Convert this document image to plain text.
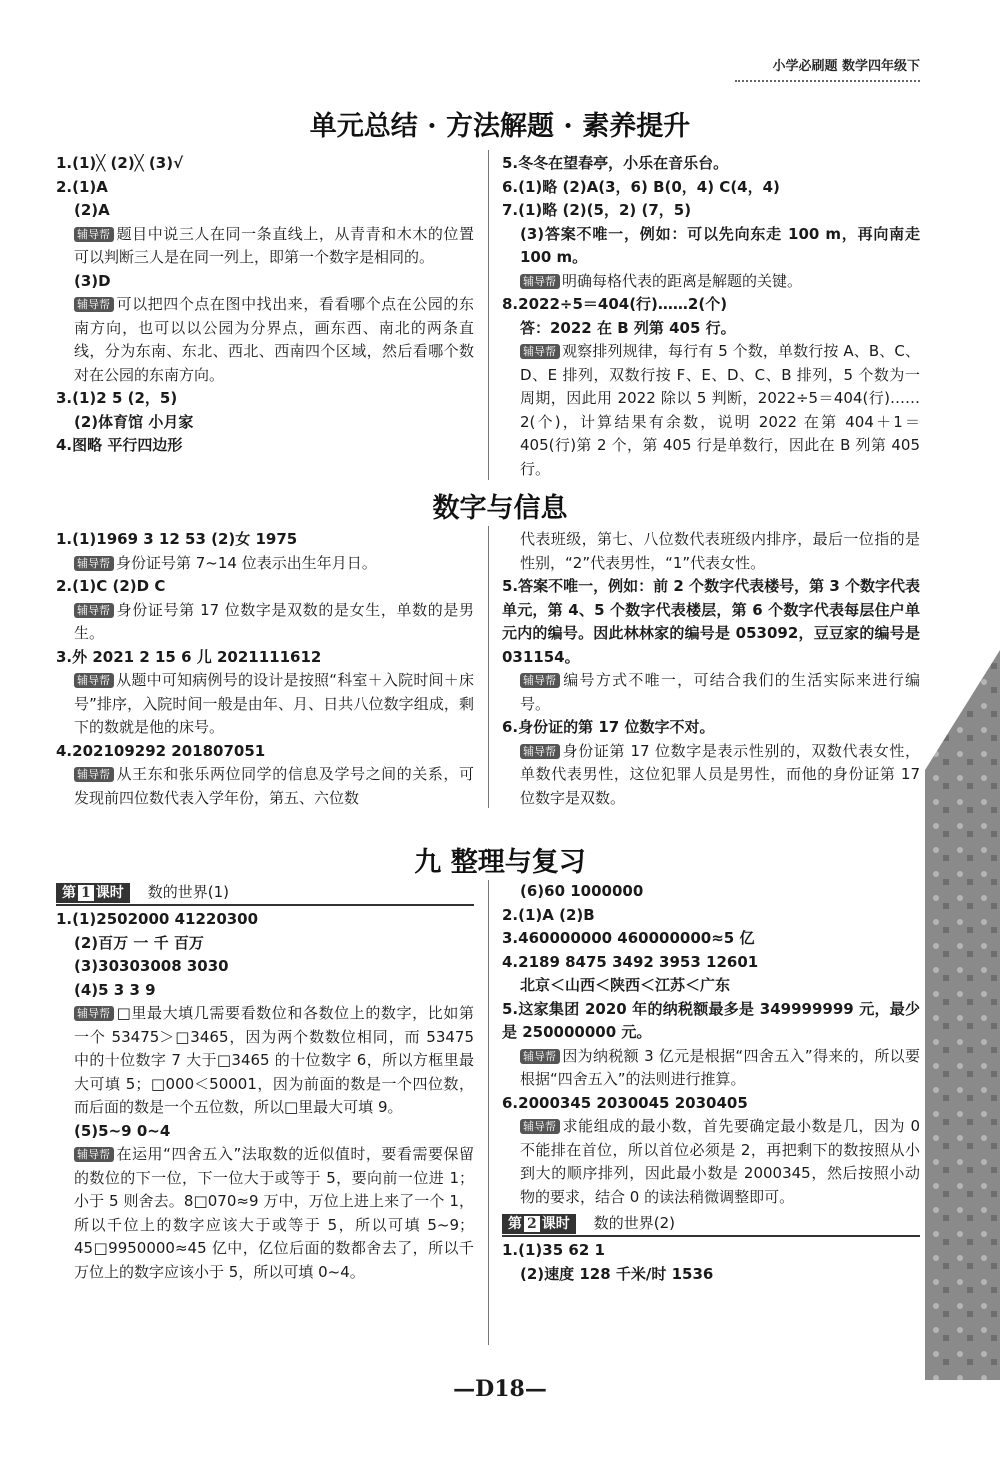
小学必刷题 数学四年级下
单元总结 · 方法解题 · 素养提升
1.(1)╳ (2)╳ (3)√
2.(1)A
(2)A
辅导帮 题目中说三人在同一条直线上，从青青和木木的位置可以判断三人是在同一列上，即第一个数字是相同的。
(3)D
辅导帮 可以把四个点在图中找出来，看看哪个点在公园的东南方向，也可以以公园为分界点，画东西、南北的两条直线，分为东南、东北、西北、西南四个区域，然后看哪个数对在公园的东南方向。
3.(1)2 5 (2，5)
(2)体育馆 小月家
4.图略 平行四边形
5.冬冬在望春亭，小乐在音乐台。
6.(1)略 (2)A(3，6) B(0，4) C(4，4)
7.(1)略 (2)(5，2) (7，5)
(3)答案不唯一，例如：可以先向东走 100 m，再向南走 100 m。
辅导帮 明确每格代表的距离是解题的关键。
8.2022÷5＝404(行)……2(个)
答：2022 在 B 列第 405 行。
辅导帮 观察排列规律，每行有 5 个数，单数行按 A、B、C、D、E 排列，双数行按 F、E、D、C、B 排列，5 个数为一周期，因此用 2022 除以 5 判断，2022÷5＝404(行)……2(个)，计算结果有余数，说明 2022 在第 404＋1＝405(行)第 2 个，第 405 行是单数行，因此在 B 列第 405 行。
数字与信息
1.(1)1969 3 12 53 (2)女 1975
辅导帮 身份证号第 7~14 位表示出生年月日。
2.(1)C (2)D C
辅导帮 身份证号第 17 位数字是双数的是女生，单数的是男生。
3.外 2021 2 15 6 儿 2021111612
辅导帮 从题中可知病例号的设计是按照“科室＋入院时间＋床号”排序，入院时间一般是由年、月、日共八位数字组成，剩下的数就是他的床号。
4.202109292 201807051
辅导帮 从王东和张乐两位同学的信息及学号之间的关系，可发现前四位数代表入学年份，第五、六位数
代表班级，第七、八位数代表班级内排序，最后一位指的是性别，“2”代表男性，“1”代表女性。
5.答案不唯一，例如：前 2 个数字代表楼号，第 3 个数字代表单元，第 4、5 个数字代表楼层，第 6 个数字代表每层住户单元内的编号。因此林林家的编号是 053092，豆豆家的编号是 031154。
辅导帮 编号方式不唯一，可结合我们的生活实际来进行编号。
6.身份证的第 17 位数字不对。
辅导帮 身份证第 17 位数字是表示性别的，双数代表女性，单数代表男性，这位犯罪人员是男性，而他的身份证第 17 位数字是双数。
九 整理与复习
第 1 课时	数的世界(1)
1.(1)2502000 41220300
(2)百万 一 千 百万
(3)30303008 3030
(4)5 3 3 9
辅导帮 □里最大填几需要看数位和各数位上的数字，比如第一个 53475＞□3465，因为两个数数位相同，而 53475 中的十位数字 7 大于□3465 的十位数字 6，所以方框里最大可填 5；□000＜50001，因为前面的数是一个四位数，而后面的数是一个五位数，所以□里最大可填 9。
(5)5~9 0~4
辅导帮 在运用“四舍五入”法取数的近似值时，要看需要保留的数位的下一位，下一位大于或等于 5，要向前一位进 1；小于 5 则舍去。8□070≈9 万中，万位上进上来了一个 1，所以千位上的数字应该大于或等于 5，所以可填 5~9；45□9950000≈45 亿中，亿位后面的数都舍去了，所以千万位上的数字应该小于 5，所以可填 0~4。
(6)60 1000000
2.(1)A (2)B
3.460000000 460000000≈5 亿
4.2189 8475 3492 3953 12601
北京＜山西＜陕西＜江苏＜广东
5.这家集团 2020 年的纳税额最多是 349999999 元，最少是 250000000 元。
辅导帮 因为纳税额 3 亿元是根据“四舍五入”得来的，所以要根据“四舍五入”的法则进行推算。
6.2000345 2030045 2030405
辅导帮 求能组成的最小数，首先要确定最小数是几，因为 0 不能排在首位，所以首位必须是 2，再把剩下的数按照从小到大的顺序排列，因此最小数是 2000345，然后按照小动物的要求，结合 0 的读法稍微调整即可。
第 2 课时	数的世界(2)
1.(1)35 62 1
(2)速度 128 千米/时 1536
—D18—
